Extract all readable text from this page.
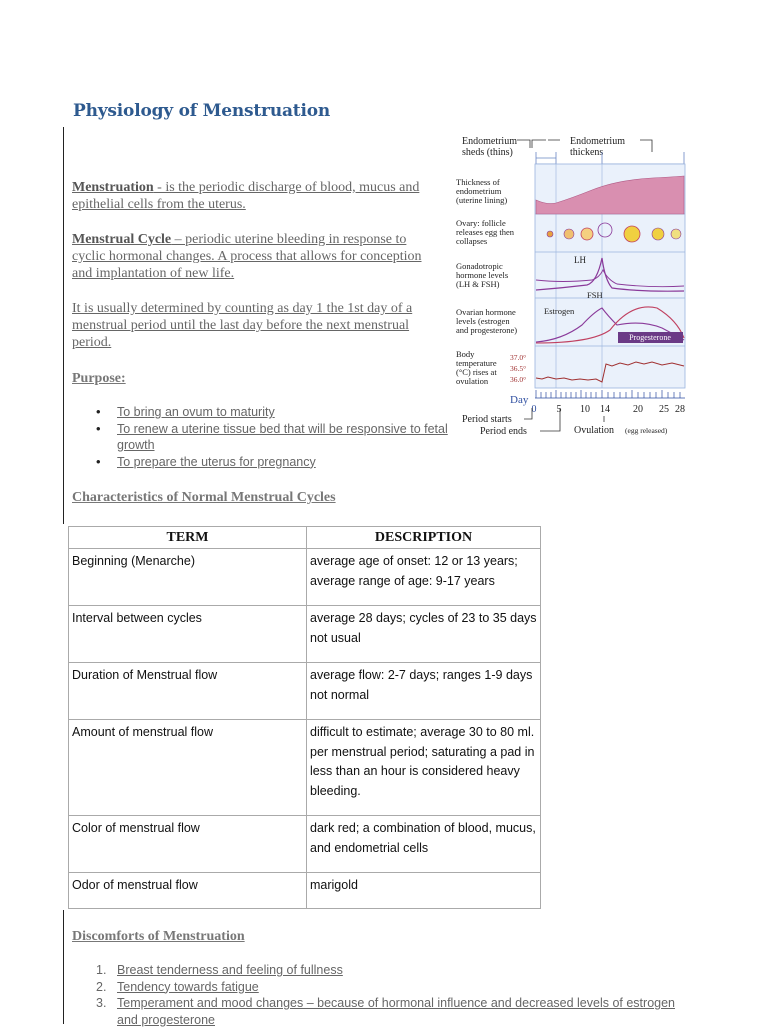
Physiology of Menstruation

Menstruation - is the periodic discharge of blood, mucus and epithelial cells from the uterus.

Menstrual Cycle – periodic uterine bleeding in response to cyclic hormonal changes. A process that allows for conception and implantation of new life.

It is usually determined by counting as day 1 the 1st day of a menstrual period until the last day before the next menstrual period.

Purpose:
• To bring an ovum to maturity
• To renew a uterine tissue bed that will be responsive to fetal growth
• To prepare the uterus for pregnancy
Characteristics of Normal Menstrual Cycles
TERM	DESCRIPTION
Beginning (Menarche)	average age of onset: 12 or 13 years; average range of age: 9-17 years
Interval between cycles	average 28 days; cycles of 23 to 35 days not usual
Duration of Menstrual flow	average flow: 2-7 days; ranges 1-9 days not normal
Amount of menstrual flow	difficult to estimate; average 30 to 80 ml. per menstrual period; saturating a pad in less than an hour is considered heavy bleeding.
Color of menstrual flow	dark red; a combination of blood, mucus, and endometrial cells
Odor of menstrual flow	marigold
Discomforts of Menstruation
1. Breast tenderness and feeling of fullness
2. Tendency towards fatigue
3. Temperament and mood changes – because of hormonal influence and decreased levels of estrogen and progesterone
Endometrium
sheds (thins)
Endometrium
thickens
Thickness of endometrium (uterine lining)
Ovary: follicle releases egg then collapses
Gonadotropic hormone levels (LH & FSH)
Ovarian hormone levels (estrogen and progesterone)
Body temperature (°C) rises at ovulation
LH
FSH
Estrogen
Progesterone
37.0°
36.5°
36.0°
Day
0 5 10 14 20 25 28
Period starts
Period ends	Ovulation (egg released)
